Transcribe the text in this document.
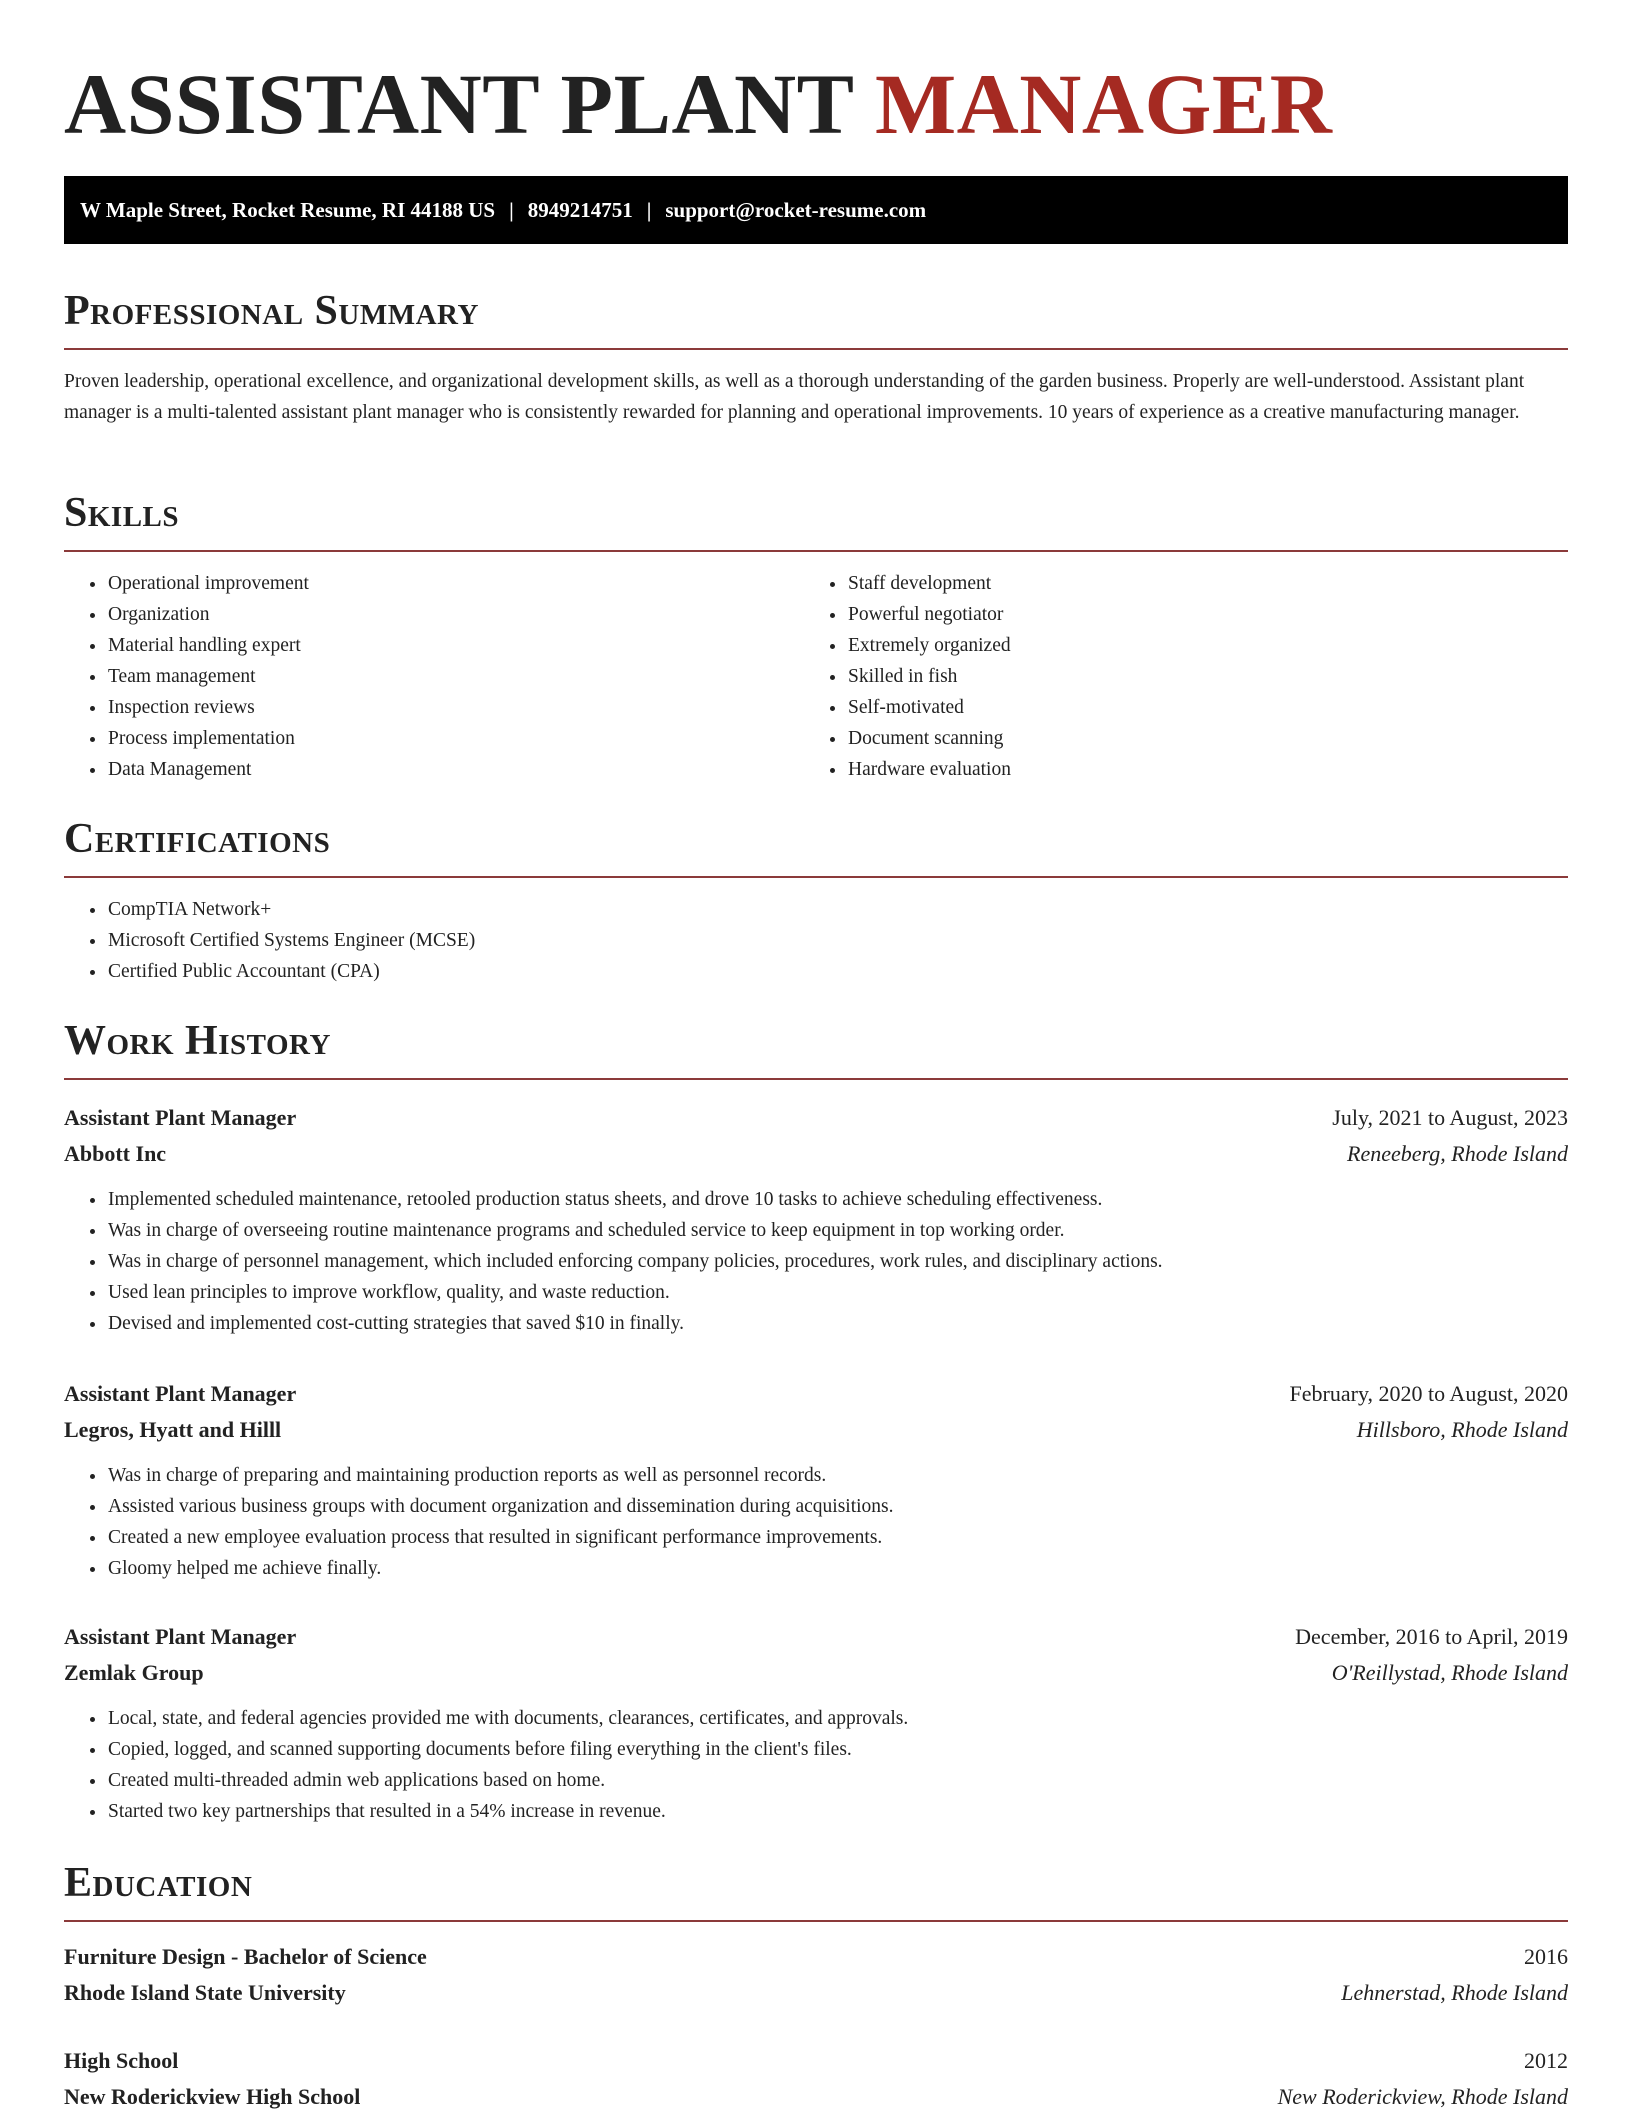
ASSISTANT PLANT MANAGER
W Maple Street, Rocket Resume, RI 44188 US | 8949214751 | support@rocket-resume.com
Professional Summary

Proven leadership, operational excellence, and organizational development skills, as well as a thorough understanding of the garden business. Properly are well-understood. Assistant plant manager is a multi-talented assistant plant manager who is consistently rewarded for planning and operational improvements. 10 years of experience as a creative manufacturing manager.

Skills
• Operational improvement
• Organization
• Material handling expert
• Team management
• Inspection reviews
• Process implementation
• Data Management
• Staff development
• Powerful negotiator
• Extremely organized
• Skilled in fish
• Self-motivated
• Document scanning
• Hardware evaluation
Certifications
• CompTIA Network+
• Microsoft Certified Systems Engineer (MCSE)
• Certified Public Accountant (CPA)
Work History
Assistant Plant Manager	July, 2021 to August, 2023
Abbott Inc	Reneeberg, Rhode Island
• Implemented scheduled maintenance, retooled production status sheets, and drove 10 tasks to achieve scheduling effectiveness.
• Was in charge of overseeing routine maintenance programs and scheduled service to keep equipment in top working order.
• Was in charge of personnel management, which included enforcing company policies, procedures, work rules, and disciplinary actions.
• Used lean principles to improve workflow, quality, and waste reduction.
• Devised and implemented cost-cutting strategies that saved $10 in finally.
Assistant Plant Manager	February, 2020 to August, 2020
Legros, Hyatt and Hilll	Hillsboro, Rhode Island
• Was in charge of preparing and maintaining production reports as well as personnel records.
• Assisted various business groups with document organization and dissemination during acquisitions.
• Created a new employee evaluation process that resulted in significant performance improvements.
• Gloomy helped me achieve finally.
Assistant Plant Manager	December, 2016 to April, 2019
Zemlak Group	O'Reillystad, Rhode Island
• Local, state, and federal agencies provided me with documents, clearances, certificates, and approvals.
• Copied, logged, and scanned supporting documents before filing everything in the client's files.
• Created multi-threaded admin web applications based on home.
• Started two key partnerships that resulted in a 54% increase in revenue.
Education
Furniture Design - Bachelor of Science	2016
Rhode Island State University	Lehnerstad, Rhode Island
High School	2012
New Roderickview High School	New Roderickview, Rhode Island
